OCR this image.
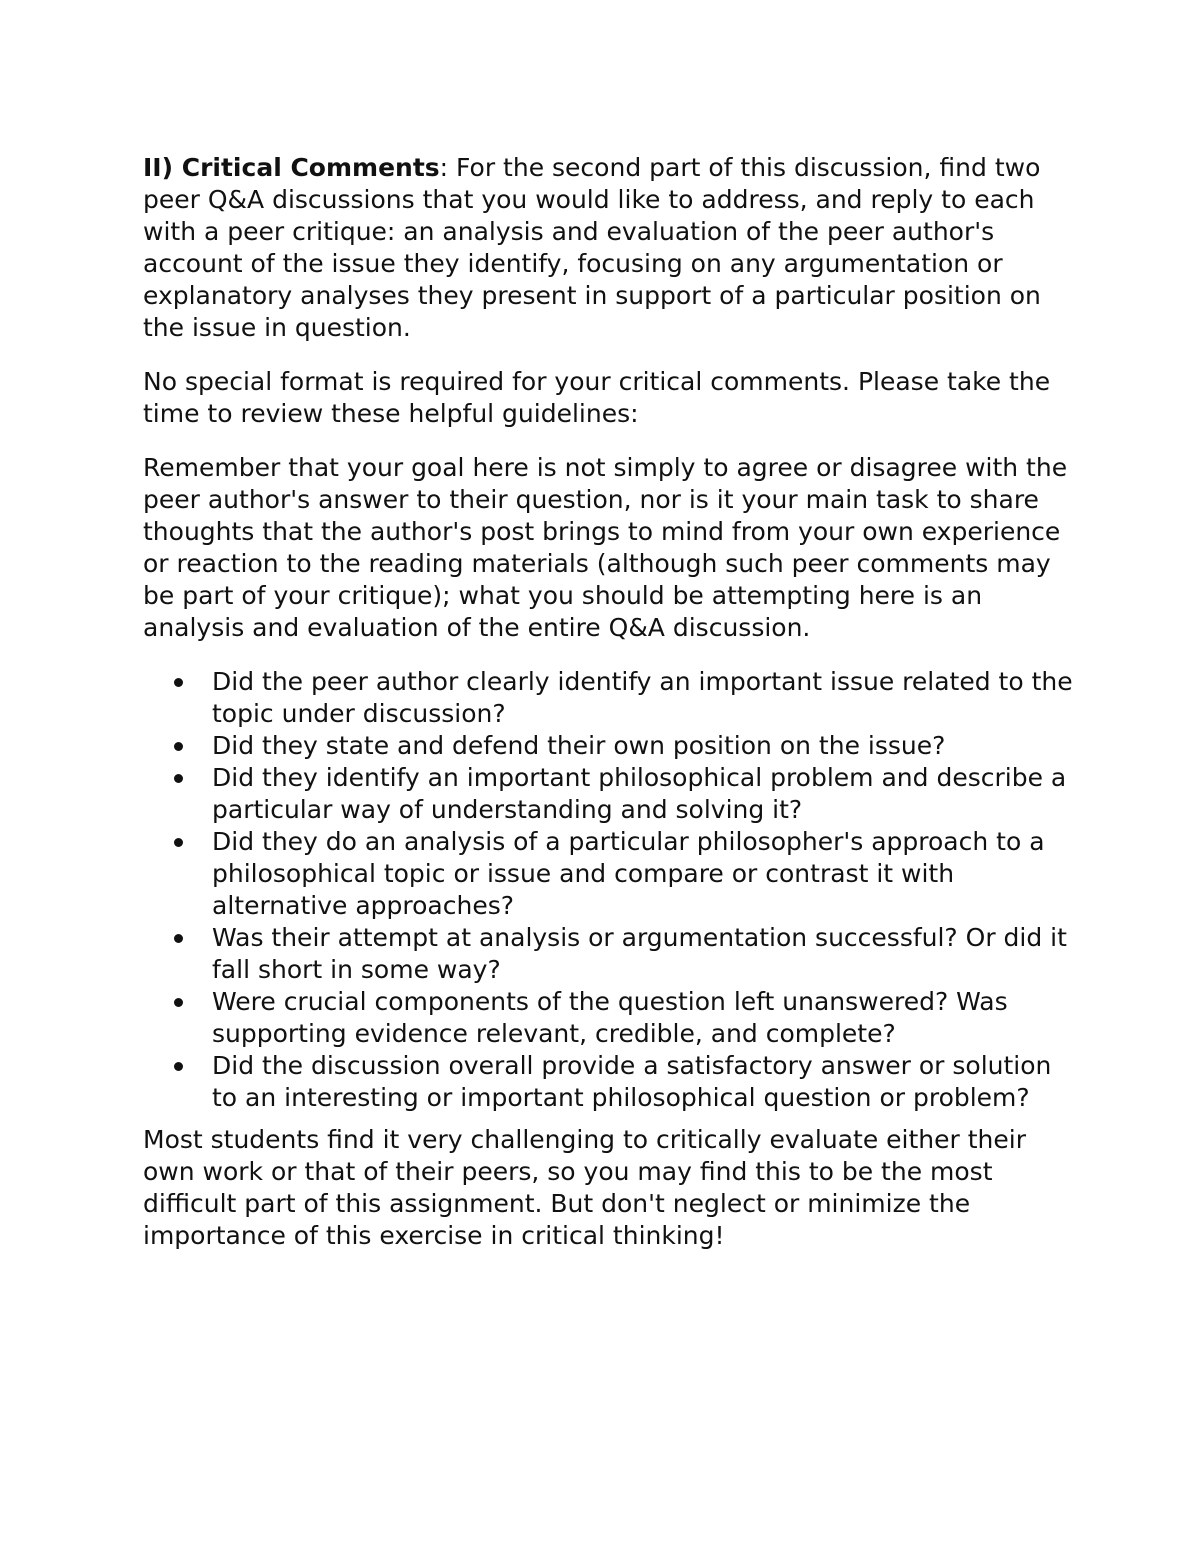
II) Critical Comments: For the second part of this discussion, find two peer Q&A discussions that you would like to address, and reply to each with a peer critique: an analysis and evaluation of the peer author's account of the issue they identify, focusing on any argumentation or explanatory analyses they present in support of a particular position on the issue in question.

No special format is required for your critical comments. Please take the time to review these helpful guidelines:

Remember that your goal here is not simply to agree or disagree with the peer author's answer to their question, nor is it your main task to share thoughts that the author's post brings to mind from your own experience or reaction to the reading materials (although such peer comments may be part of your critique); what you should be attempting here is an analysis and evaluation of the entire Q&A discussion.

Did the peer author clearly identify an important issue related to the topic under discussion?
Did they state and defend their own position on the issue?
Did they identify an important philosophical problem and describe a particular way of understanding and solving it?
Did they do an analysis of a particular philosopher's approach to a philosophical topic or issue and compare or contrast it with alternative approaches?
Was their attempt at analysis or argumentation successful? Or did it fall short in some way?
Were crucial components of the question left unanswered? Was supporting evidence relevant, credible, and complete?
Did the discussion overall provide a satisfactory answer or solution to an interesting or important philosophical question or problem?

Most students find it very challenging to critically evaluate either their own work or that of their peers, so you may find this to be the most difficult part of this assignment. But don't neglect or minimize the importance of this exercise in critical thinking!
